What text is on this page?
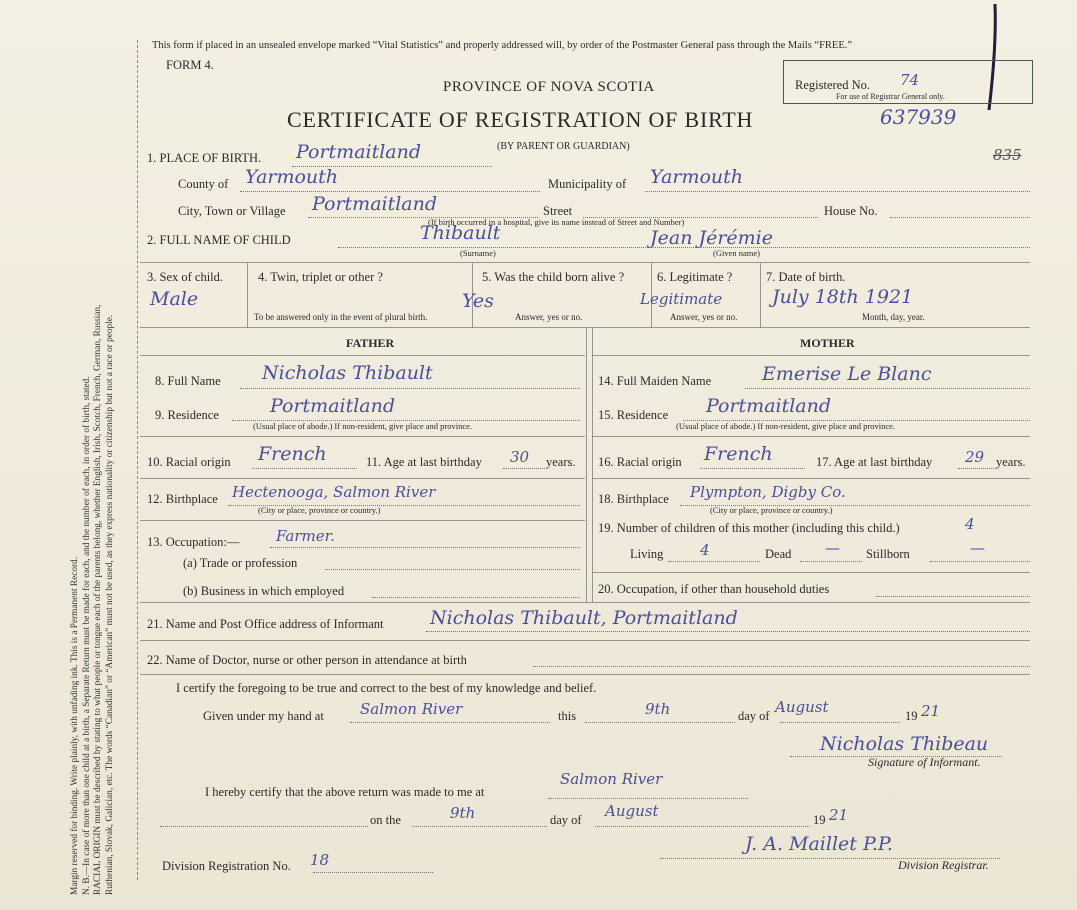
Margin reserved for binding. Write plainly, with unfading ink. This is a Permanent Record. N. B.—In case of more than one child at a birth, a Separate Return must be made for each, and the number of each, in order of birth, stated. RACIAL ORIGIN must be described by stating to what people or tongue each of the parents belong, whether English, Irish, Scotch, French, German, Russian, Ruthenian, Slovak, Galician, etc. The words “Canadian” or “American” must not be used, as they express nationality or citizenship but not a race or people.
This form if placed in an unsealed envelope marked “Vital Statistics” and properly addressed will, by order of the Postmaster General pass through the Mails “FREE.”
FORM 4.
PROVINCE OF NOVA SCOTIA
CERTIFICATE OF REGISTRATION OF BIRTH	637939
(BY PARENT OR GUARDIAN)	835
Registered No. 74
For use of Registrar General only.
1. PLACE OF BIRTH. Portmaitland
County of Yarmouth	Municipality of Yarmouth
City, Town or Village Portmaitland	Street	House No.
(If birth occurred in a hospital, give its name instead of Street and Number)
2. FULL NAME OF CHILD	Thibault	Jean Jérémie
(Surname)	(Given name)
3. Sex of child.
Male
4. Twin, triplet or other ?
To be answered only in the event of plural birth.
5. Was the child born alive ?
Yes
Answer, yes or no.
6. Legitimate ?
Legitimate
Answer, yes or no.
7. Date of birth.
July 18th 1921
Month, day, year.
FATHER	MOTHER
8. Full Name Nicholas Thibault
9. Residence	Portmaitland
(Usual place of abode.) If non-resident, give place and province.
10. Racial origin French	11. Age at last birthday 30 years.
12. Birthplace Hectenooga, Salmon River
(City or place, province or country.)
13. Occupation:— Farmer.
(a) Trade or profession
(b) Business in which employed
14. Full Maiden Name	Emerise Le Blanc
15. Residence Portmaitland
(Usual place of abode.) If non-resident, give place and province.
16. Racial origin French	17. Age at last birthday 29 years.
18. Birthplace Plympton, Digby Co.
(City or place, province or country.)
19. Number of children of this mother (including this child.)	4
Living 4	Dead — Stillborn	—
20. Occupation, if other than household duties
21. Name and Post Office address of Informant Nicholas Thibault, Portmaitland
22. Name of Doctor, nurse or other person in attendance at birth
I certify the foregoing to be true and correct to the best of my knowledge and belief.
Given under my hand at Salmon River	this	9th	day of August	19 21
Nicholas Thibeau
Signature of Informant.
I hereby certify that the above return was made to me at
Salmon River
on the	9th	day of August	19 21
J. A. Maillet P.P.
Division Registrar.
Division Registration No. 18
